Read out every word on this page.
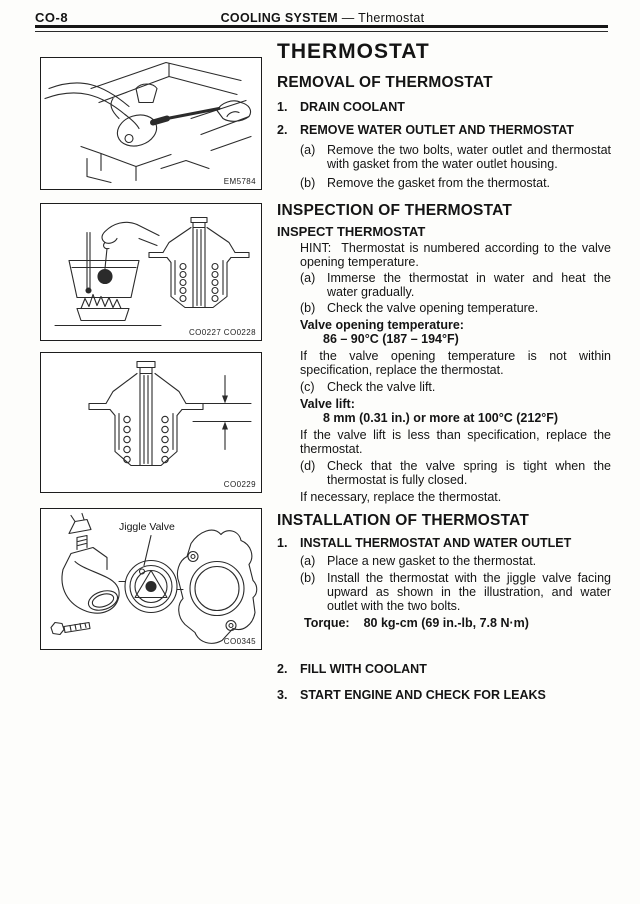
CO-8	COOLING SYSTEM — Thermostat
EM5784
CO0227 CO0228
CO0229
Jiggle Valve
CO0345
THERMOSTAT
REMOVAL OF THERMOSTAT
1.	DRAIN COOLANT
2.	REMOVE WATER OUTLET AND THERMOSTAT
(a) Remove the two bolts, water outlet and thermostat with gasket from the water outlet housing.
(b) Remove the gasket from the thermostat.
INSPECTION OF THERMOSTAT
INSPECT THERMOSTAT

HINT: Thermostat is numbered according to the valve opening temperature.

(a) Immerse the thermostat in water and heat the water gradually.
(b) Check the valve opening temperature.
Valve opening temperature:
86 – 90°C (187 – 194°F)

If the valve opening temperature is not within specification, replace the thermostat.

(c) Check the valve lift.
Valve lift:
8 mm (0.31 in.) or more at 100°C (212°F)

If the valve lift is less than specification, replace the thermostat.

(d) Check that the valve spring is tight when the thermostat is fully closed.

If necessary, replace the thermostat.

INSTALLATION OF THERMOSTAT
1.	INSTALL THERMOSTAT AND WATER OUTLET
(a) Place a new gasket to the thermostat.
(b) Install the thermostat with the jiggle valve facing upward as shown in the illustration, and water outlet with the two bolts.
Torque: 80 kg-cm (69 in.-lb, 7.8 N·m)
2.	FILL WITH COOLANT
3.	START ENGINE AND CHECK FOR LEAKS
